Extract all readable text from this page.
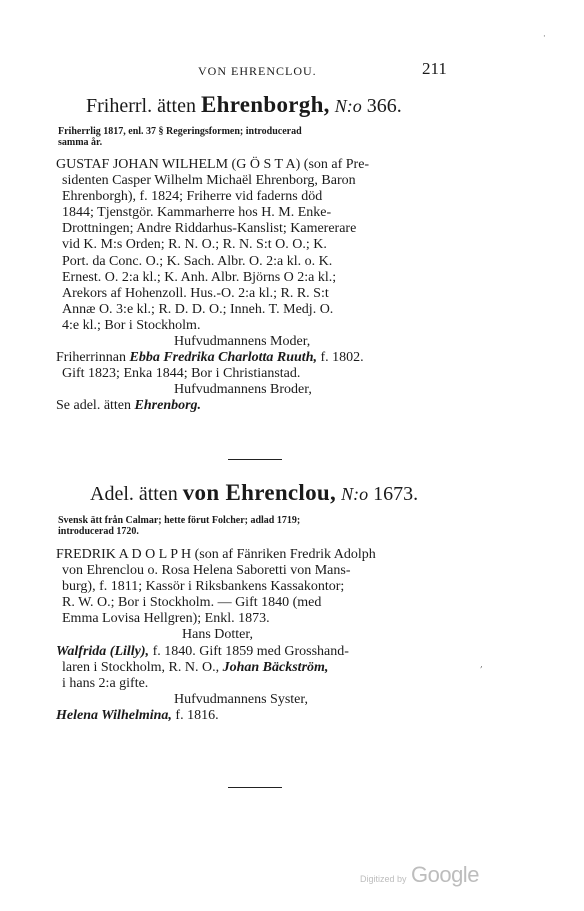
VON EHRENCLOU.	211
Friherrl. ätten Ehrenborgh, N:o 366.
Friherrlig 1817, enl. 37 § Regeringsformen; introducerad
samma år.
GUSTAF JOHAN WILHELM (G Ö S T A) (son af Pre-
sidenten Casper Wilhelm Michaël Ehrenborg, Baron
Ehrenborgh), f. 1824; Friherre vid faderns död
1844; Tjenstgör. Kammarherre hos H. M. Enke-
Drottningen; Andre Riddarhus-Kanslist; Kamererare
vid K. M:s Orden; R. N. O.; R. N. S:t O. O.; K.
Port. da Conc. O.; K. Sach. Albr. O. 2:a kl. o. K.
Ernest. O. 2:a kl.; K. Anh. Albr. Björns O 2:a kl.;
Arekors af Hohenzoll. Hus.-O. 2:a kl.; R. R. S:t
Annæ O. 3:e kl.; R. D. D. O.; Inneh. T. Medj. O.
4:e kl.; Bor i Stockholm.
Hufvudmannens Moder,
Friherrinnan Ebba Fredrika Charlotta Ruuth, f. 1802.
Gift 1823; Enka 1844; Bor i Christianstad.
Hufvudmannens Broder,
Se adel. ätten Ehrenborg.
Adel. ätten von Ehrenclou, N:o 1673.
Svensk ätt från Calmar; hette förut Folcher; adlad 1719;
introducerad 1720.
FREDRIK A D O L P H (son af Fänriken Fredrik Adolph
von Ehrenclou o. Rosa Helena Saboretti von Mans-
burg), f. 1811; Kassör i Riksbankens Kassakontor;
R. W. O.; Bor i Stockholm. — Gift 1840 (med
Emma Lovisa Hellgren); Enkl. 1873.
Hans Dotter,
Walfrida (Lilly), f. 1840. Gift 1859 med Grosshand-
laren i Stockholm, R. N. O., Johan Bäckström,
i hans 2:a gifte.
Hufvudmannens Syster,
Helena Wilhelmina, f. 1816.
Digitized by Google
·
,
